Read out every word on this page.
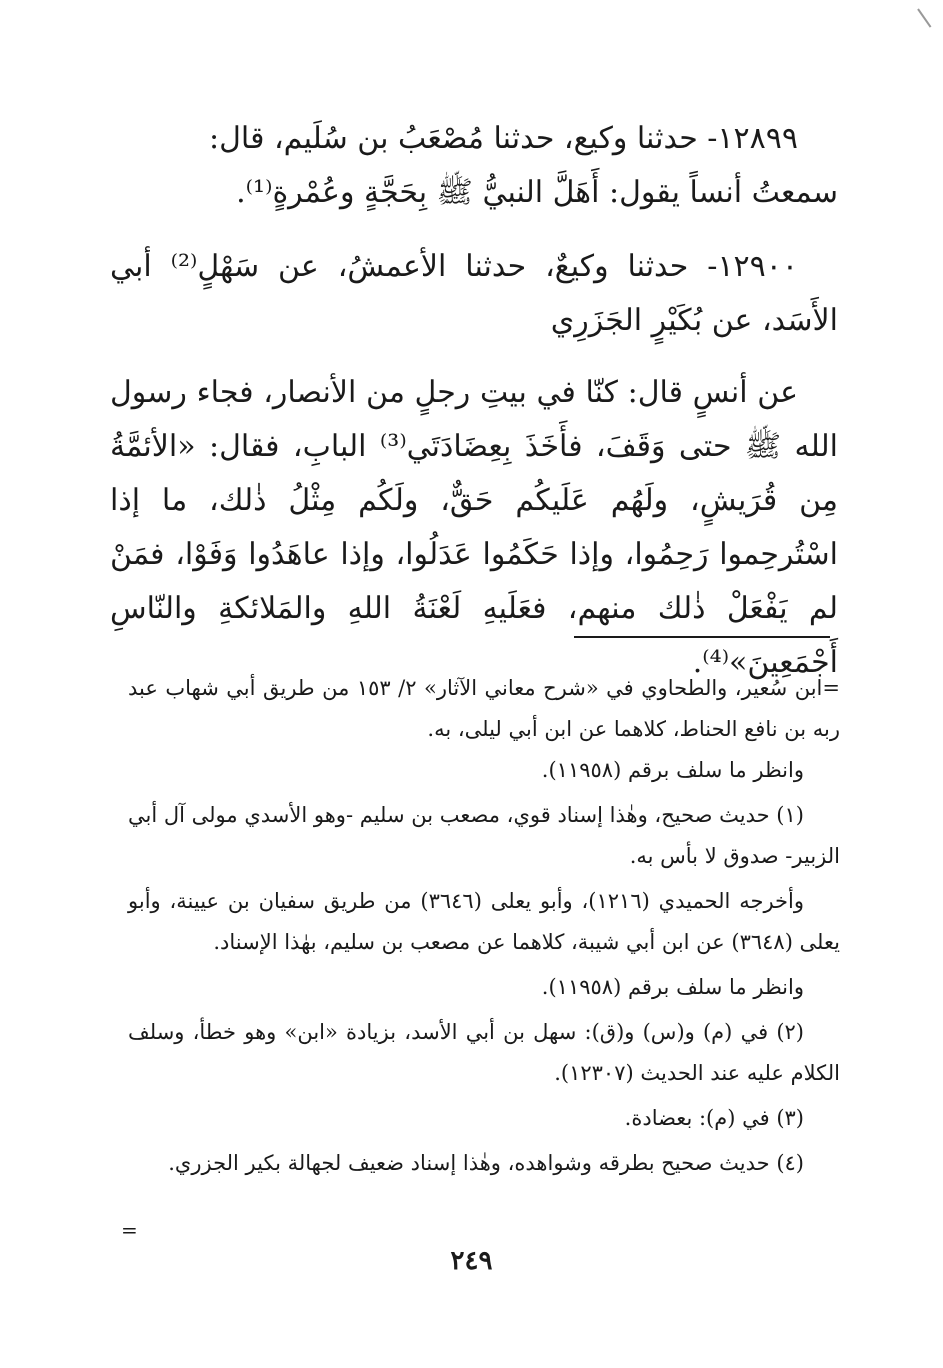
١٢٨٩٩- حدثنا وكيع، حدثنا مُصْعَبُ بن سُلَيم، قال:
سمعتُ أنساً يقول: أَهَلَّ النبيُّ ﷺ بِحَجَّةٍ وعُمْرةٍ⁽¹⁾.
١٢٩٠٠- حدثنا وكيعٌ، حدثنا الأعمشُ، عن سَهْلٍ⁽²⁾ أبي الأَسَد، عن بُكَيْرٍ الجَزَرِي
عن أنسٍ قال: كنّا في بيتِ رجلٍ من الأنصار، فجاء رسول الله ﷺ حتى وَقَفَ، فأَخَذَ بِعِضَادَتَي⁽³⁾ البابِ، فقال: «الأئمَّةُ مِن قُرَيشٍ، ولَهُم عَلَيكُم حَقٌّ، ولَكُم مِثْلُ ذٰلك، ما إذا اسْتُرحِموا رَحِمُوا، وإذا حَكَمُوا عَدَلُوا، وإذا عاهَدُوا وَفَوْا، فمَنْ لم يَفْعَلْ ذٰلك منهم، فعَلَيهِ لَعْنَةُ اللهِ والمَلائكةِ والنّاسِ أَجْمَعِينَ»⁽⁴⁾.
=ابن سُعير، والطحاوي في «شرح معاني الآثار» ٢/ ١٥٣ من طريق أبي شهاب عبد ربه بن نافع الحناط، كلاهما عن ابن أبي ليلى، به.
وانظر ما سلف برقم (١١٩٥٨).
(١) حديث صحيح، وهٰذا إسناد قوي، مصعب بن سليم -وهو الأسدي مولى آل أبي الزبير- صدوق لا بأس به.
وأخرجه الحميدي (١٢١٦)، وأبو يعلى (٣٦٤٦) من طريق سفيان بن عيينة، وأبو يعلى (٣٦٤٨) عن ابن أبي شيبة، كلاهما عن مصعب بن سليم، بهٰذا الإسناد.
وانظر ما سلف برقم (١١٩٥٨).
(٢) في (م) و(س) و(ق): سهل بن أبي الأسد، بزيادة «ابن» وهو خطأ، وسلف الكلام عليه عند الحديث (١٢٣٠٧).
(٣) في (م): بعضادة.
(٤) حديث صحيح بطرقه وشواهده، وهٰذا إسناد ضعيف لجهالة بكير الجزري.
=
٢٤٩
